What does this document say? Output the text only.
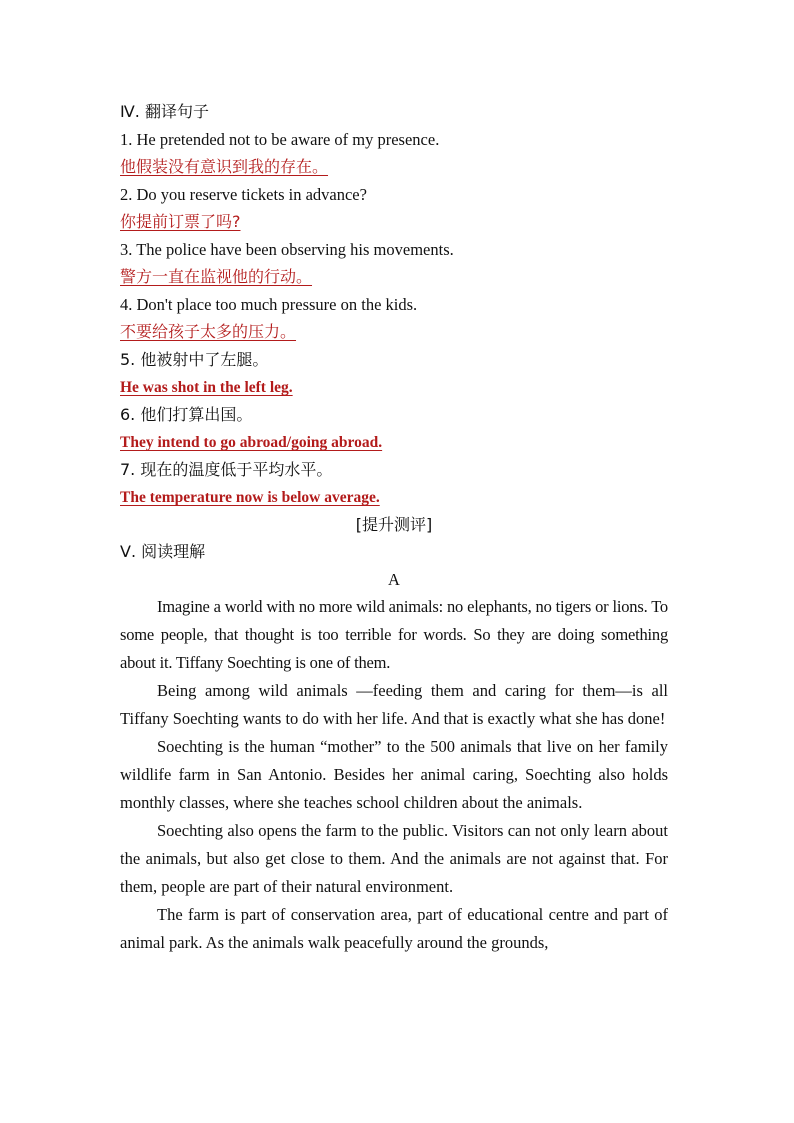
Ⅳ. 翻译句子
1. He pretended not to be aware of my presence.
他假装没有意识到我的存在。
2. Do you reserve tickets in advance?
你提前订票了吗?
3. The police have been observing his movements.
警方一直在监视他的行动。
4. Don't place too much pressure on the kids.
不要给孩子太多的压力。
5. 他被射中了左腿。
He was shot in the left leg.
6. 他们打算出国。
They intend to go abroad/going abroad.
7. 现在的温度低于平均水平。
The temperature now is below average.
[提升测评]
Ⅴ. 阅读理解
A

Imagine a world with no more wild animals: no elephants, no tigers or lions. To some people, that thought is too terrible for words. So they are doing something about it. Tiffany Soechting is one of them.

Being among wild animals —feeding them and caring for them—is all Tiffany Soechting wants to do with her life. And that is exactly what she has done!

Soechting is the human “mother” to the 500 animals that live on her family wildlife farm in San Antonio. Besides her animal caring, Soechting also holds monthly classes, where she teaches school children about the animals.

Soechting also opens the farm to the public. Visitors can not only learn about the animals, but also get close to them. And the animals are not against that. For them, people are part of their natural environment.

The farm is part of conservation area, part of educational centre and part of animal park. As the animals walk peacefully around the grounds,
